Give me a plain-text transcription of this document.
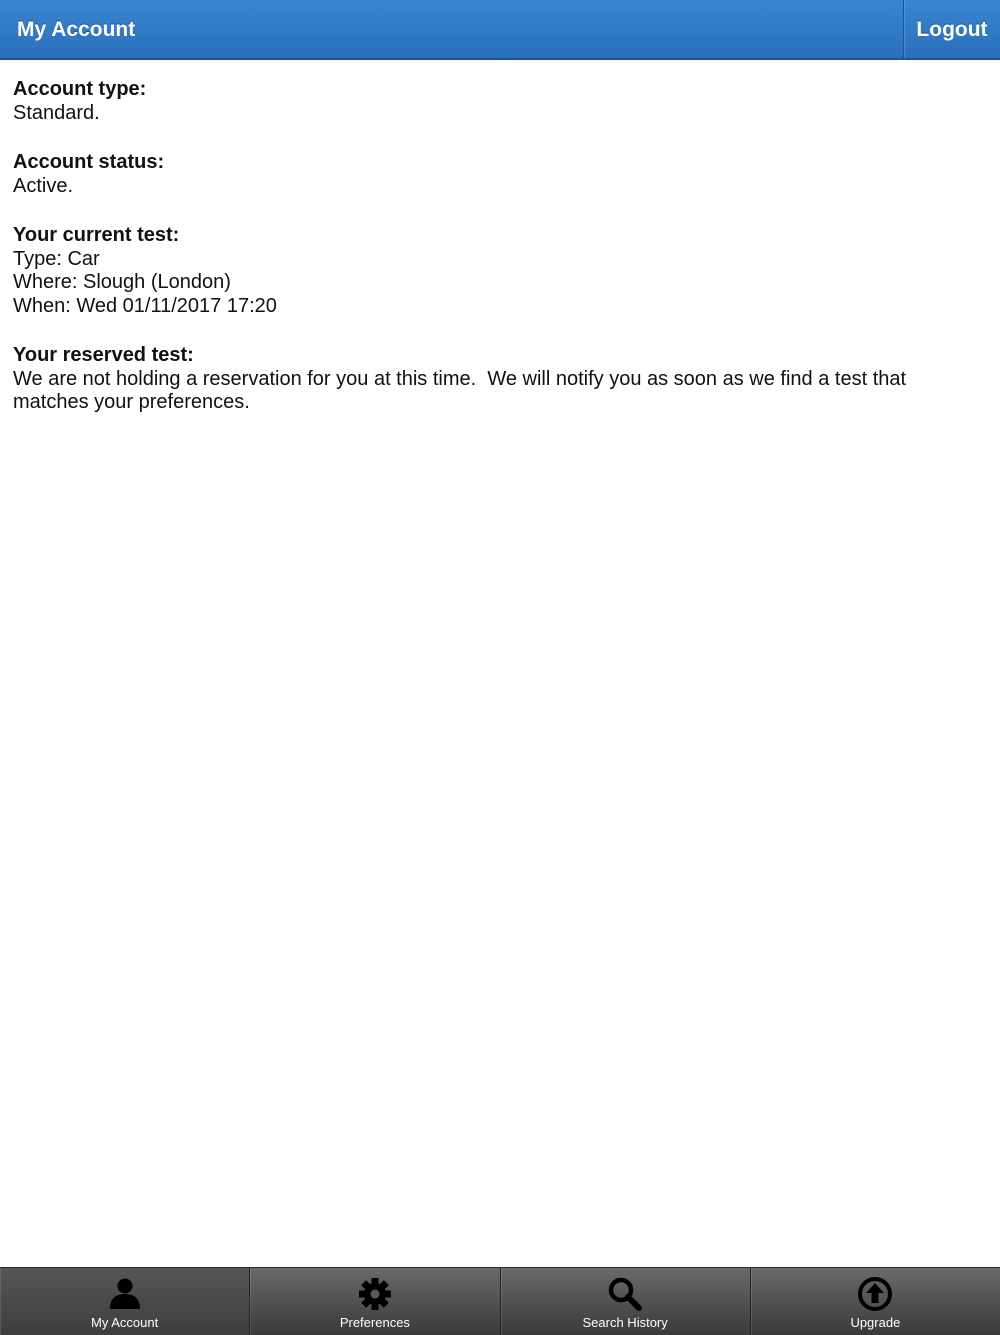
My Account	Logout
Account type:
Standard.
Account status:
Active.
Your current test:
Type: Car
Where: Slough (London)
When: Wed 01/11/2017 17:20
Your reserved test:
We are not holding a reservation for you at this time.  We will notify you as soon as we find a test that matches your preferences.
My Account	Preferences	Search History	Upgrade
